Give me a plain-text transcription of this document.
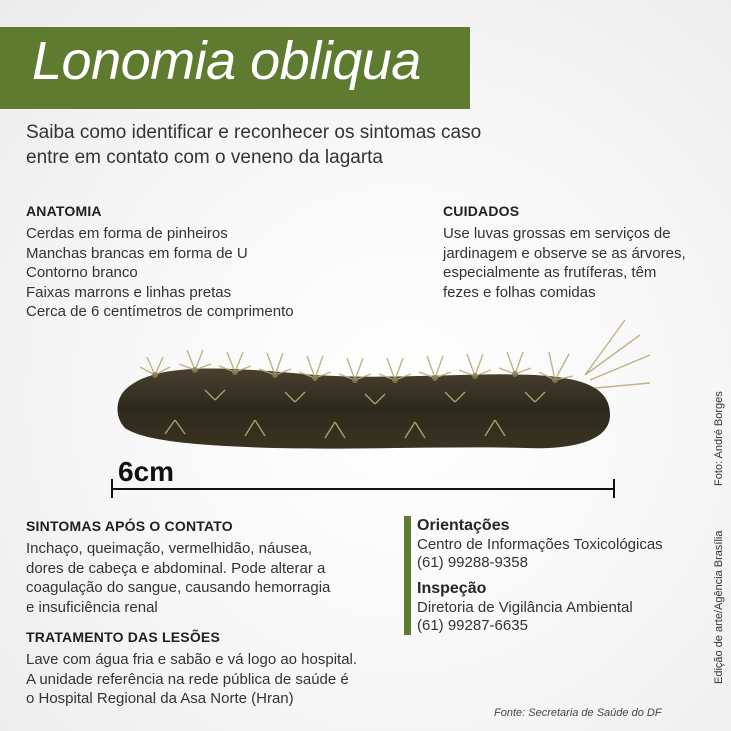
Lonomia obliqua

Saiba como identificar e reconhecer os sintomas caso entre em contato com o veneno da lagarta

ANATOMIA

Cerdas em forma de pinheiros
Manchas brancas em forma de U
Contorno branco
Faixas marrons e linhas pretas
Cerca de 6 centímetros de comprimento

CUIDADOS

Use luvas grossas em serviços de
jardinagem e observe se as árvores,
especialmente as frutíferas, têm
fezes e folhas comidas
6cm

SINTOMAS APÓS O CONTATO

Inchaço, queimação, vermelhidão, náusea,
dores de cabeça e abdominal. Pode alterar a
coagulação do sangue, causando hemorragia
e insuficiência renal

TRATAMENTO DAS LESÕES

Lave com água fria e sabão e vá logo ao hospital.
A unidade referência na rede pública de saúde é
o Hospital Regional da Asa Norte (Hran)

Orientações

Centro de Informações Toxicológicas

(61) 99288-9358

Inspeção

Diretoria de Vigilância Ambiental

(61) 99287-6635

Fonte: Secretaria de Saúde do DF
Foto: André Borges
Edição de arte/Agência Brasília
